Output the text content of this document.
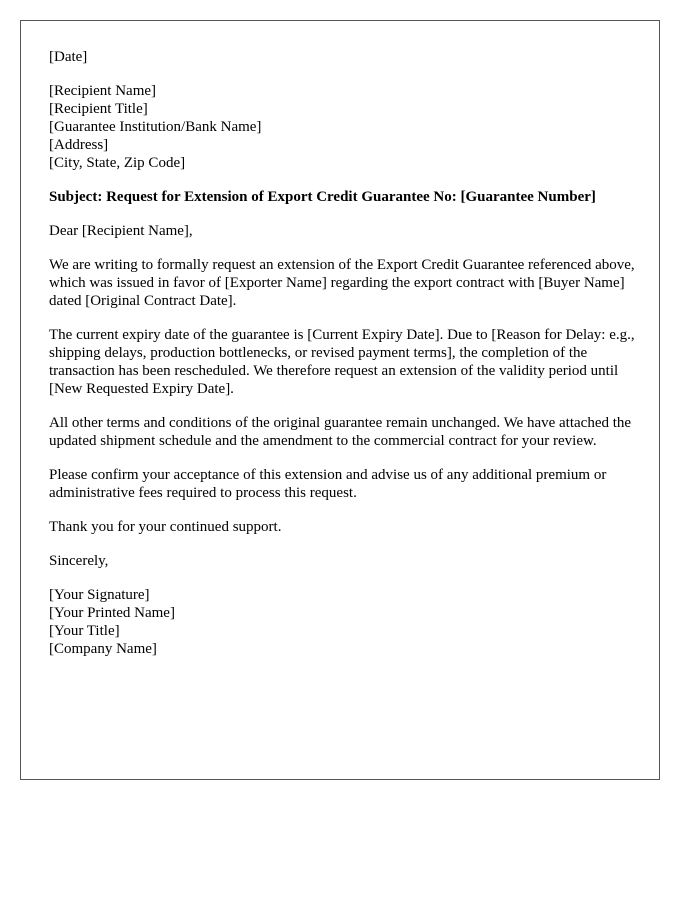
[Date]
[Recipient Name]
[Recipient Title]
[Guarantee Institution/Bank Name]
[Address]
[City, State, Zip Code]
Subject: Request for Extension of Export Credit Guarantee No: [Guarantee Number]
Dear [Recipient Name],

We are writing to formally request an extension of the Export Credit Guarantee referenced above, which was issued in favor of [Exporter Name] regarding the export contract with [Buyer Name] dated [Original Contract Date].

The current expiry date of the guarantee is [Current Expiry Date]. Due to [Reason for Delay: e.g., shipping delays, production bottlenecks, or revised payment terms], the completion of the transaction has been rescheduled. We therefore request an extension of the validity period until [New Requested Expiry Date].

All other terms and conditions of the original guarantee remain unchanged. We have attached the updated shipment schedule and the amendment to the commercial contract for your review.

Please confirm your acceptance of this extension and advise us of any additional premium or administrative fees required to process this request.

Thank you for your continued support.

Sincerely,
[Your Signature]
[Your Printed Name]
[Your Title]
[Company Name]
